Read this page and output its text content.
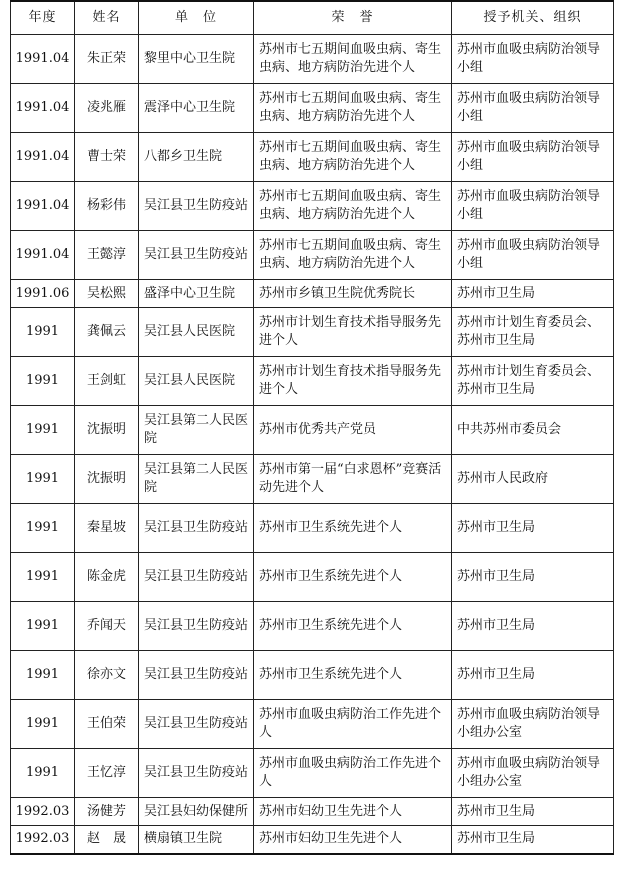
年度	姓名	单　位	荣　誉	授予机关、组织
1991.04	朱正荣	黎里中心卫生院	苏州市七五期间血吸虫病、寄生虫病、地方病防治先进个人	苏州市血吸虫病防治领导小组
1991.04	凌兆雁	震泽中心卫生院	苏州市七五期间血吸虫病、寄生虫病、地方病防治先进个人	苏州市血吸虫病防治领导小组
1991.04	曹士荣	八都乡卫生院	苏州市七五期间血吸虫病、寄生虫病、地方病防治先进个人	苏州市血吸虫病防治领导小组
1991.04	杨彩伟	吴江县卫生防疫站	苏州市七五期间血吸虫病、寄生虫病、地方病防治先进个人	苏州市血吸虫病防治领导小组
1991.04	王懿淳	吴江县卫生防疫站	苏州市七五期间血吸虫病、寄生虫病、地方病防治先进个人	苏州市血吸虫病防治领导小组
1991.06	吴松熙	盛泽中心卫生院	苏州市乡镇卫生院优秀院长	苏州市卫生局
1991	龚佩云	吴江县人民医院	苏州市计划生育技术指导服务先进个人	苏州市计划生育委员会、苏州市卫生局
1991	王剑虹	吴江县人民医院	苏州市计划生育技术指导服务先进个人	苏州市计划生育委员会、苏州市卫生局
1991	沈振明	吴江县第二人民医院	苏州市优秀共产党员	中共苏州市委员会
1991	沈振明	吴江县第二人民医院	苏州市第一届“白求恩杯”竞赛活动先进个人	苏州市人民政府
1991	秦星坡	吴江县卫生防疫站	苏州市卫生系统先进个人	苏州市卫生局
1991	陈金虎	吴江县卫生防疫站	苏州市卫生系统先进个人	苏州市卫生局
1991	乔闻天	吴江县卫生防疫站	苏州市卫生系统先进个人	苏州市卫生局
1991	徐亦文	吴江县卫生防疫站	苏州市卫生系统先进个人	苏州市卫生局
1991	王伯荣	吴江县卫生防疫站	苏州市血吸虫病防治工作先进个人	苏州市血吸虫病防治领导小组办公室
1991	王忆淳	吴江县卫生防疫站	苏州市血吸虫病防治工作先进个人	苏州市血吸虫病防治领导小组办公室
1992.03	汤健芳	吴江县妇幼保健所	苏州市妇幼卫生先进个人	苏州市卫生局
1992.03	赵　晟	横扇镇卫生院	苏州市妇幼卫生先进个人	苏州市卫生局
